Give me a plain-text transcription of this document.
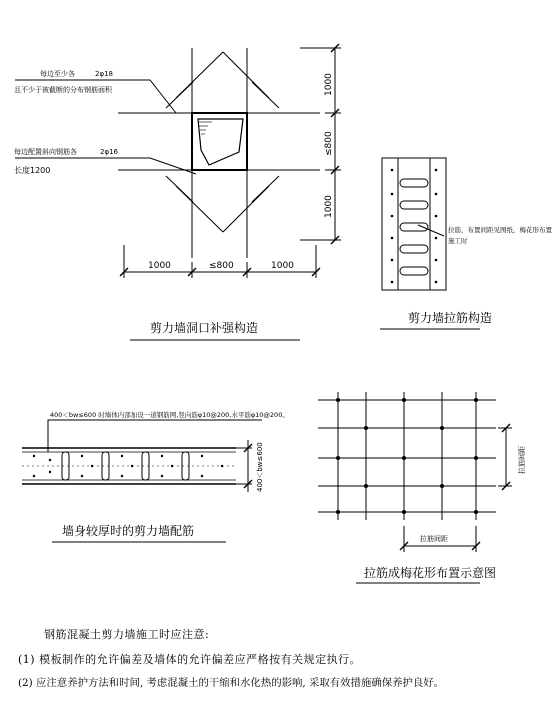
每边至少各	2φ18
且不少于被截断的分布钢筋面积
每边配置斜向钢筋各	2φ16
长度1200
1000	≤800	1000
1000
≤800
1000
剪力墙洞口补强构造
拉筋，布置间距见图纸，梅花形布置
施工时
剪力墙拉筋构造
400＜bw≤600 时墙体内部加设一道钢筋网,竖向筋φ10@200,水平筋φ10@200。
400＜bw≤600
墙身较厚时的剪力墙配筋
拉筋间距
拉筋间距
拉筋成梅花形布置示意图
钢筋混凝土剪力墙施工时应注意:
(1) 模板制作的允许偏差及墙体的允许偏差应严格按有关规定执行。
(2) 应注意养护方法和时间, 考虑混凝土的干缩和水化热的影响, 采取有效措施确保养护良好。
